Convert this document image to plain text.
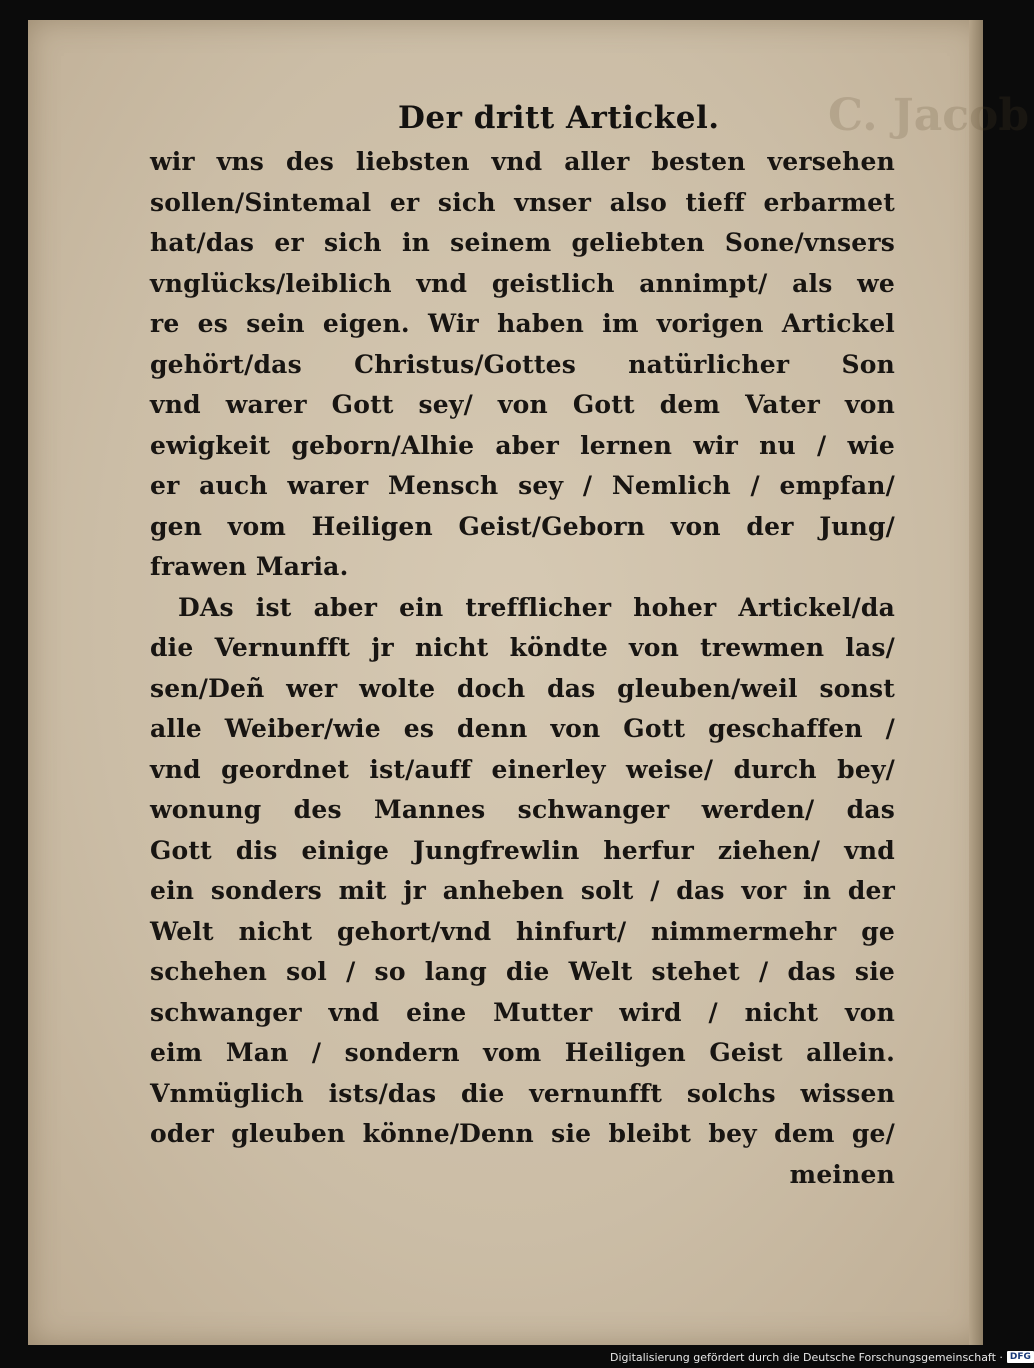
C. Jacob
Der dritt Artickel.
wir vns des liebsten vnd aller besten versehen
sollen/Sintemal er sich vnser also tieff erbarmet
hat/das er sich in seinem geliebten Sone/vnsers
vnglücks/leiblich vnd geistlich annimpt/ als we
re es sein eigen. Wir haben im vorigen Artickel
gehört/das Christus/Gottes natürlicher Son
vnd warer Gott sey/ von Gott dem Vater von
ewigkeit geborn/Alhie aber lernen wir nu / wie
er auch warer Mensch sey / Nemlich / empfan/
gen vom Heiligen Geist/Geborn von der Jung/
frawen Maria.
DAs ist aber ein trefflicher hoher Artickel/da
die Vernunfft jr nicht köndte von trewmen las/
sen/Deñ wer wolte doch das gleuben/weil sonst
alle Weiber/wie es denn von Gott geschaffen /
vnd geordnet ist/auff einerley weise/ durch bey/
wonung des Mannes schwanger werden/ das
Gott dis einige Jungfrewlin herfur ziehen/ vnd
ein sonders mit jr anheben solt / das vor in der
Welt nicht gehort/vnd hinfurt/ nimmermehr ge
schehen sol / so lang die Welt stehet / das sie
schwanger vnd eine Mutter wird / nicht von
eim Man / sondern vom Heiligen Geist allein.
Vnmüglich ists/das die vernunfft solchs wissen
oder gleuben könne/Denn sie bleibt bey dem ge/
meinen
Digitalisierung gefördert durch die Deutsche Forschungsgemeinschaft · DFG
